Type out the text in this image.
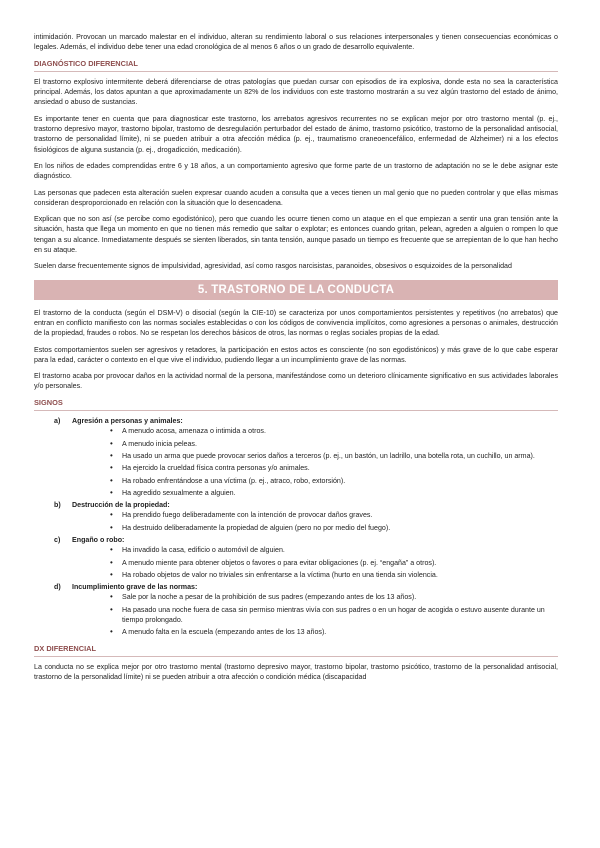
intimidación. Provocan un marcado malestar en el individuo, alteran su rendimiento laboral o sus relaciones interpersonales y tienen consecuencias económicas o legales. Además, el individuo debe tener una edad cronológica de al menos 6 años o un grado de desarrollo equivalente.

DIAGNÓSTICO DIFERENCIAL

El trastorno explosivo intermitente deberá diferenciarse de otras patologías que puedan cursar con episodios de ira explosiva, donde esta no sea la característica principal. Además, los datos apuntan a que aproximadamente un 82% de los individuos con este trastorno mostrarán a su vez algún trastorno del estado de ánimo, ansiedad o abuso de sustancias.

Es importante tener en cuenta que para diagnosticar este trastorno, los arrebatos agresivos recurrentes no se explican mejor por otro trastorno mental (p. ej., trastorno depresivo mayor, trastorno bipolar, trastorno de desregulación perturbador del estado de ánimo, trastorno psicótico, trastorno de la personalidad antisocial, trastorno de personalidad límite), ni se pueden atribuir a otra afección médica (p. ej., traumatismo craneoencefálico, enfermedad de Alzheimer) ni a los efectos fisiológicos de alguna sustancia (p. ej., drogadicción, medicación).

En los niños de edades comprendidas entre 6 y 18 años, a un comportamiento agresivo que forme parte de un trastorno de adaptación no se le debe asignar este diagnóstico.

Las personas que padecen esta alteración suelen expresar cuando acuden a consulta que a veces tienen un mal genio que no pueden controlar y que ellas mismas consideran desproporcionado en relación con la situación que lo desencadena.

Explican que no son así (se percibe como egodistónico), pero que cuando les ocurre tienen como un ataque en el que empiezan a sentir una gran tensión ante la situación, hasta que llega un momento en que no tienen más remedio que saltar o explotar; es entonces cuando gritan, pelean, agreden a alguien o rompen lo que tengan a su alcance. Inmediatamente después se sienten liberados, sin tanta tensión, aunque pasado un tiempo es frecuente que se arrepientan de lo que han hecho en su ataque.

Suelen darse frecuentemente signos de impulsividad, agresividad, así como rasgos narcisistas, paranoides, obsesivos o esquizoides de la personalidad

5. TRASTORNO DE LA CONDUCTA

El trastorno de la conducta (según el DSM-V) o disocial (según la CIE-10) se caracteriza por unos comportamientos persistentes y repetitivos (no arrebatos) que entran en conflicto manifiesto con las normas sociales establecidas o con los códigos de convivencia implícitos, como agresiones a personas o animales, destrucción de la propiedad, fraudes o robos. No se respetan los derechos básicos de otros, las normas o reglas sociales propias de la edad.

Estos comportamientos suelen ser agresivos y retadores, la participación en estos actos es consciente (no son egodistónicos) y más grave de lo que cabe esperar para la edad, carácter o contexto en el que vive el individuo, pudiendo llegar a un incumplimiento grave de las normas.

El trastorno acaba por provocar daños en la actividad normal de la persona, manifestándose como un deterioro clínicamente significativo en sus actividades laborales y/o personales.

SIGNOS
a) Agresión a personas y animales:
• A menudo acosa, amenaza o intimida a otros.
• A menudo inicia peleas.
• Ha usado un arma que puede provocar serios daños a terceros (p. ej., un bastón, un ladrillo, una botella rota, un cuchillo, un arma).
• Ha ejercido la crueldad física contra personas y/o animales.
• Ha robado enfrentándose a una víctima (p. ej., atraco, robo, extorsión).
• Ha agredido sexualmente a alguien.
b) Destrucción de la propiedad:
• Ha prendido fuego deliberadamente con la intención de provocar daños graves.
• Ha destruido deliberadamente la propiedad de alguien (pero no por medio del fuego).
c) Engaño o robo:
• Ha invadido la casa, edificio o automóvil de alguien.
• A menudo miente para obtener objetos o favores o para evitar obligaciones (p. ej. “engaña” a otros).
• Ha robado objetos de valor no triviales sin enfrentarse a la víctima (hurto en una tienda sin violencia.
d) Incumplimiento grave de las normas:
• Sale por la noche a pesar de la prohibición de sus padres (empezando antes de los 13 años).
• Ha pasado una noche fuera de casa sin permiso mientras vivía con sus padres o en un hogar de acogida o estuvo ausente durante un tiempo prolongado.
• A menudo falta en la escuela (empezando antes de los 13 años).
DX DIFERENCIAL

La conducta no se explica mejor por otro trastorno mental (trastorno depresivo mayor, trastorno bipolar, trastorno psicótico, trastorno de la personalidad antisocial, trastorno de la personalidad límite) ni se pueden atribuir a otra afección o condición médica (discapacidad
